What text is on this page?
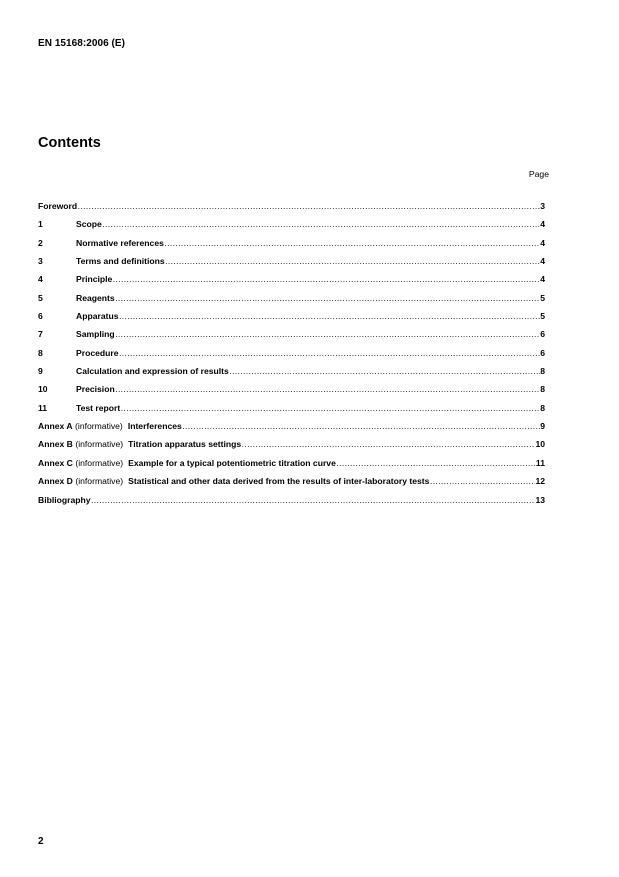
EN 15168:2006 (E)
Contents
Page
Foreword .....	3
1	Scope .....	4
2	Normative references .....	4
3	Terms and definitions .....	4
4	Principle .....	4
5	Reagents .....	5
6	Apparatus .....	5
7	Sampling .....	6
8	Procedure .....	6
9	Calculation and expression of results .....	8
10	Precision .....	8
11	Test report .....	8
Annex A (informative) Interferences .....	9
Annex B (informative) Titration apparatus settings .....	10
Annex C (informative) Example for a typical potentiometric titration curve .....	11
Annex D (informative) Statistical and other data derived from the results of inter-laboratory tests .....	12
Bibliography .....	13
2
